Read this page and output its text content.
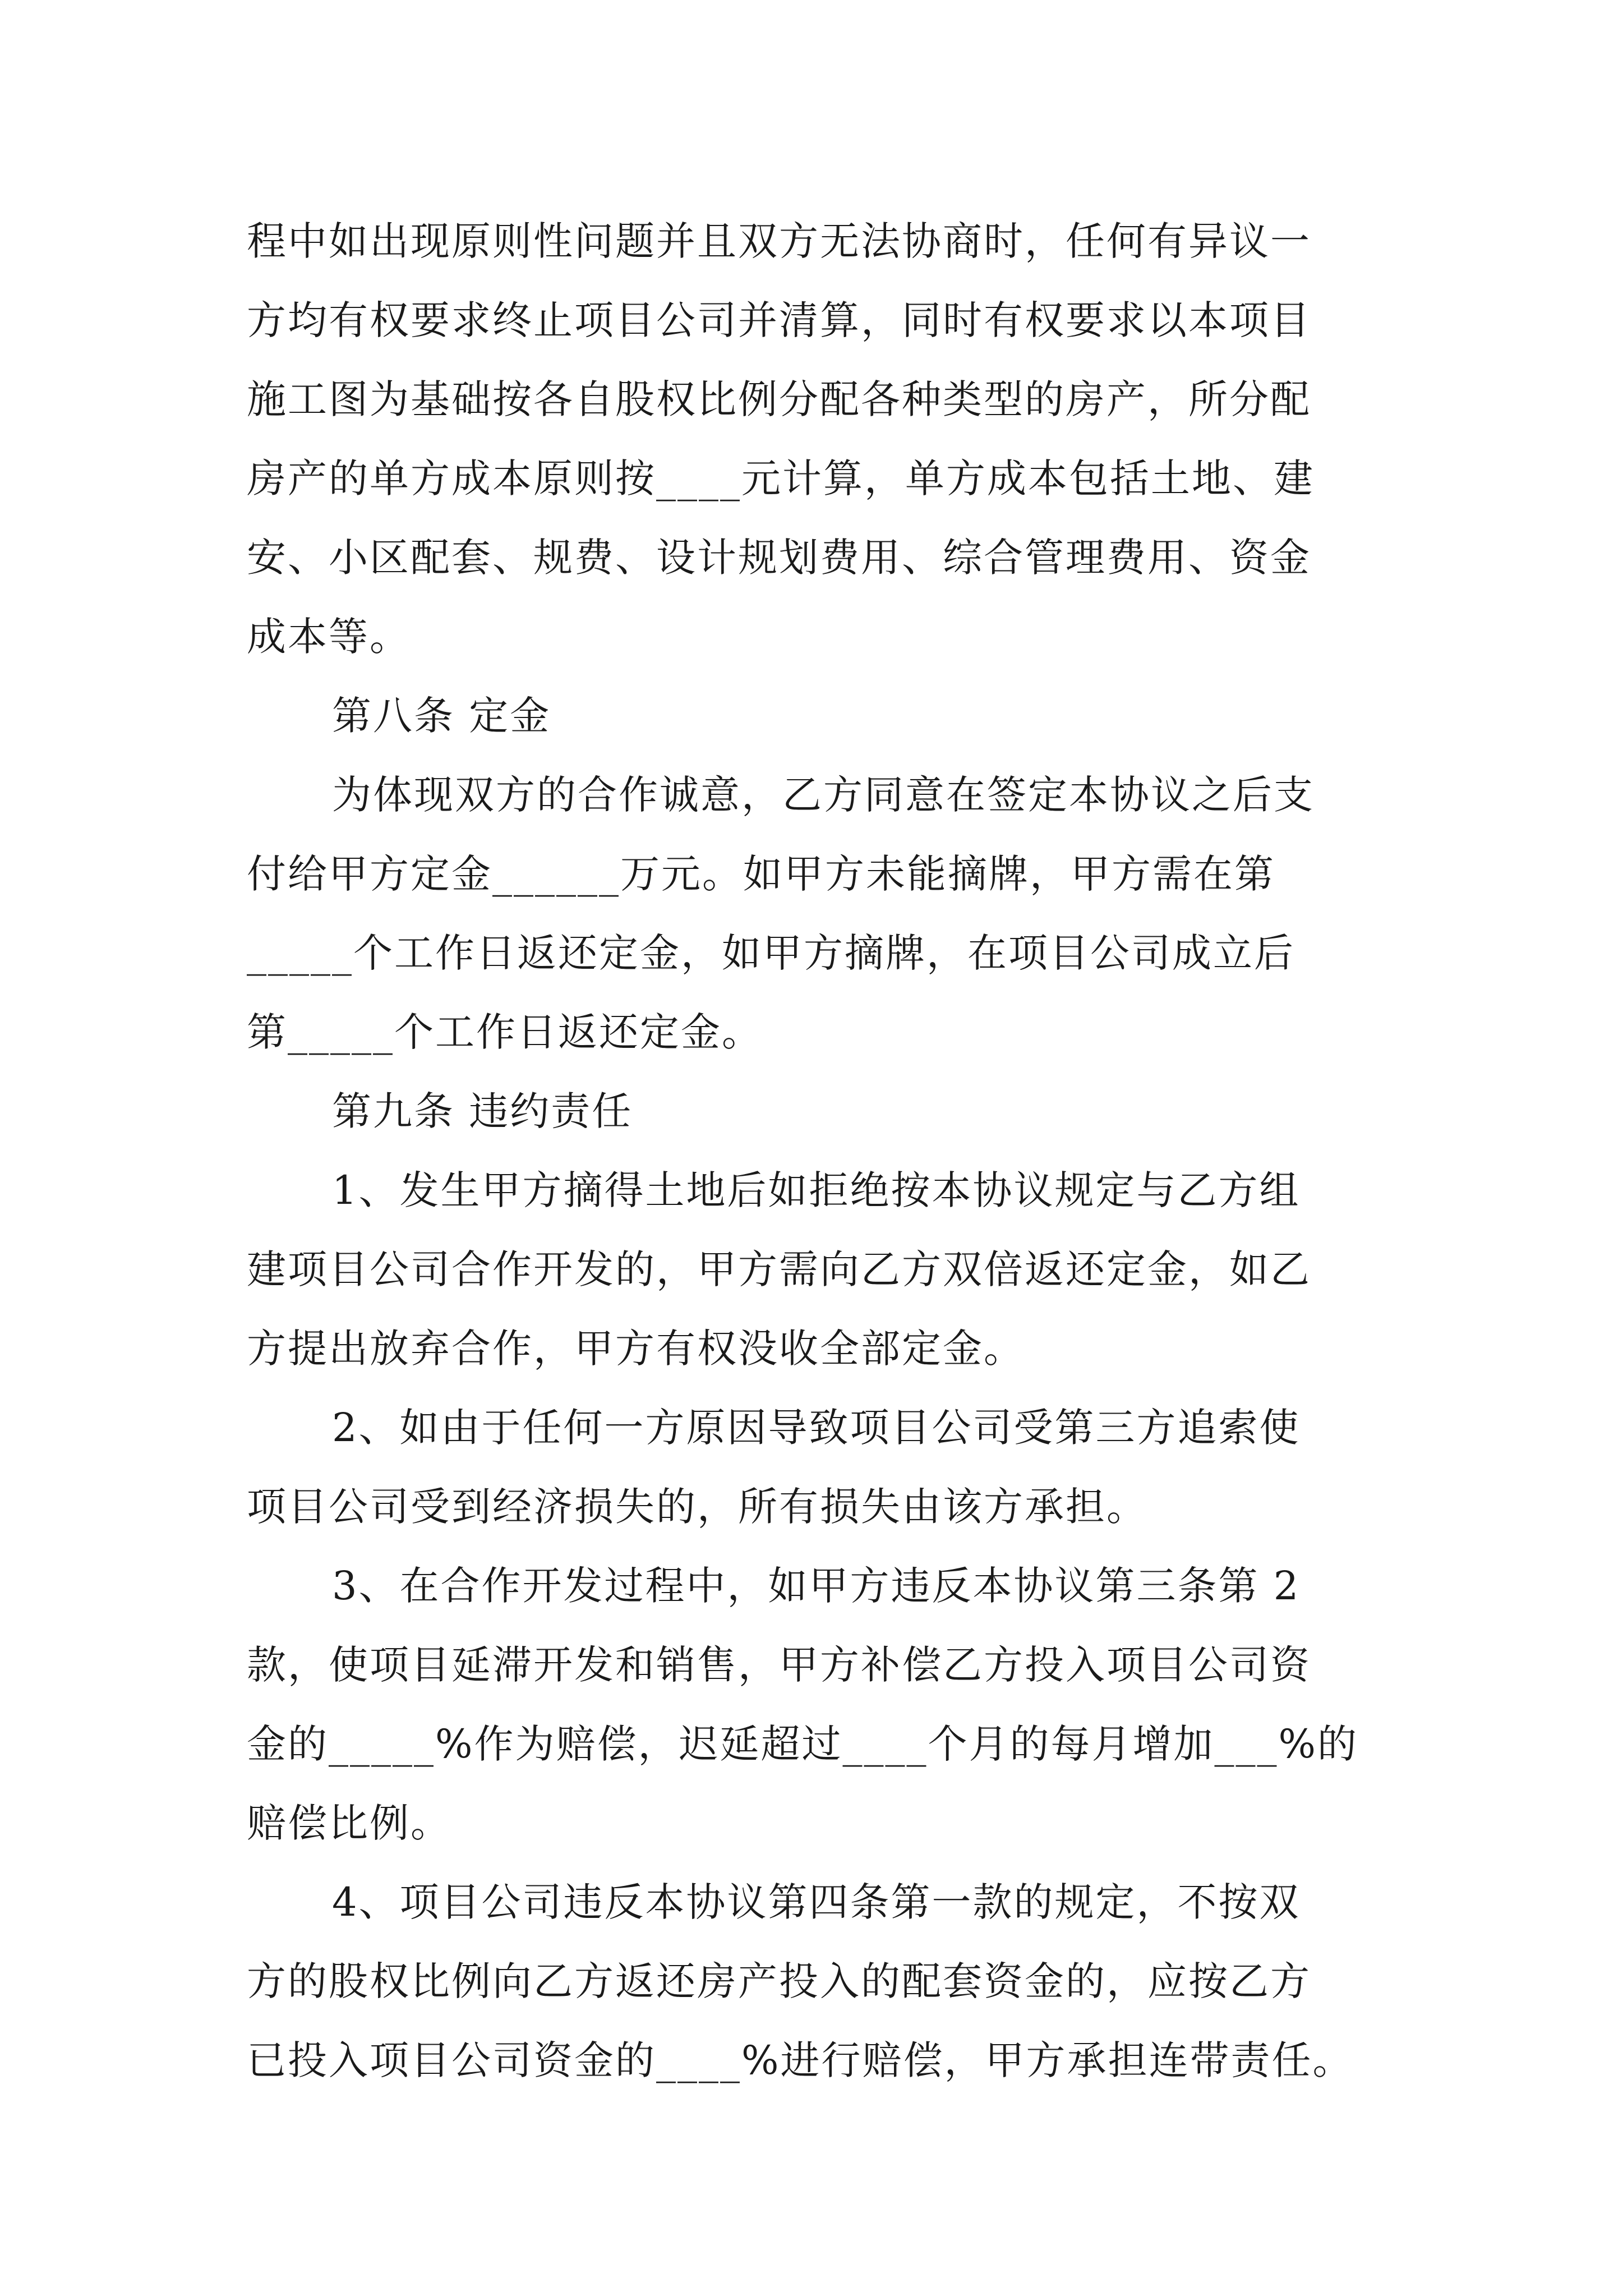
程中如出现原则性问题并且双方无法协商时，任何有异议一
方均有权要求终止项目公司并清算，同时有权要求以本项目
施工图为基础按各自股权比例分配各种类型的房产，所分配
房产的单方成本原则按____元计算，单方成本包括土地、建
安、小区配套、规费、设计规划费用、综合管理费用、资金
成本等。
第八条 定金
为体现双方的合作诚意，乙方同意在签定本协议之后支
付给甲方定金______万元。如甲方未能摘牌，甲方需在第
_____个工作日返还定金，如甲方摘牌，在项目公司成立后
第_____个工作日返还定金。
第九条 违约责任
1、发生甲方摘得土地后如拒绝按本协议规定与乙方组
建项目公司合作开发的，甲方需向乙方双倍返还定金，如乙
方提出放弃合作，甲方有权没收全部定金。
2、如由于任何一方原因导致项目公司受第三方追索使
项目公司受到经济损失的，所有损失由该方承担。
3、在合作开发过程中，如甲方违反本协议第三条第 2
款，使项目延滞开发和销售，甲方补偿乙方投入项目公司资
金的_____%作为赔偿，迟延超过____个月的每月增加___%的
赔偿比例。
4、项目公司违反本协议第四条第一款的规定，不按双
方的股权比例向乙方返还房产投入的配套资金的，应按乙方
已投入项目公司资金的____%进行赔偿，甲方承担连带责任。
